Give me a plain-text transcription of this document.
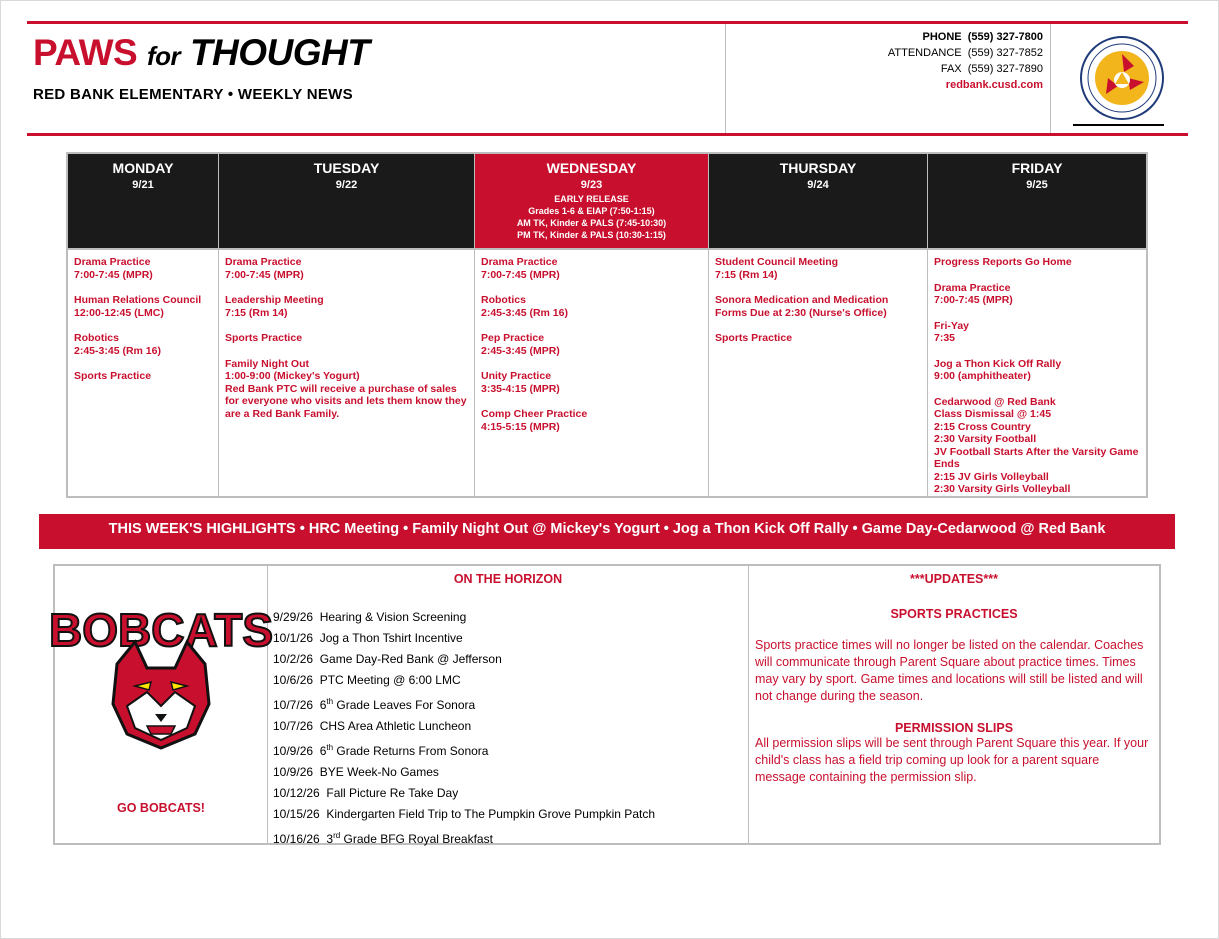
PAWS for THOUGHT
RED BANK ELEMENTARY • WEEKLY NEWS
PHONE (559) 327-7800
ATTENDANCE (559) 327-7852
FAX (559) 327-7890
redbank.cusd.com
MONDAY
9/21
Drama Practice
7:00-7:45 (MPR)
Human Relations Council
12:00-12:45 (LMC)
Robotics
2:45-3:45 (Rm 16)
Sports Practice
TUESDAY
9/22
Drama Practice
7:00-7:45 (MPR)
Leadership Meeting
7:15 (Rm 14)
Sports Practice
Family Night Out
1:00-9:00 (Mickey's Yogurt)
Red Bank PTC will receive a purchase of sales for everyone who visits and lets them know they are a Red Bank Family.
WEDNESDAY
9/23
EARLY RELEASE
Grades 1-6 & EIAP (7:50-1:15)
AM TK, Kinder & PALS (7:45-10:30)
PM TK, Kinder & PALS (10:30-1:15)
Drama Practice
7:00-7:45 (MPR)
Robotics
2:45-3:45 (Rm 16)
Pep Practice
2:45-3:45 (MPR)
Unity Practice
3:35-4:15 (MPR)
Comp Cheer Practice
4:15-5:15 (MPR)
THURSDAY
9/24
Student Council Meeting
7:15 (Rm 14)
Sonora Medication and Medication Forms Due at 2:30 (Nurse's Office)
Sports Practice
FRIDAY
9/25
Progress Reports Go Home
Drama Practice
7:00-7:45 (MPR)
Fri-Yay
7:35
Jog a Thon Kick Off Rally
9:00 (amphitheater)
Cedarwood @ Red Bank
Class Dismissal @ 1:45
2:15 Cross Country
2:30 Varsity Football
JV Football Starts After the Varsity Game Ends
2:15 JV Girls Volleyball
2:30 Varsity Girls Volleyball
THIS WEEK'S HIGHLIGHTS • HRC Meeting • Family Night Out @ Mickey's Yogurt • Jog a Thon Kick Off Rally • Game Day-Cedarwood @ Red Bank
BOBCATS
GO BOBCATS!
ON THE HORIZON
9/29/26 Hearing & Vision Screening
10/1/26 Jog a Thon Tshirt Incentive
10/2/26 Game Day-Red Bank @ Jefferson
10/6/26 PTC Meeting @ 6:00 LMC
10/7/26 6th Grade Leaves For Sonora
10/7/26 CHS Area Athletic Luncheon
10/9/26 6th Grade Returns From Sonora
10/9/26 BYE Week-No Games
10/12/26 Fall Picture Re Take Day
10/15/26 Kindergarten Field Trip to The Pumpkin Grove Pumpkin Patch
10/16/26 3rd Grade BFG Royal Breakfast
***UPDATES***
SPORTS PRACTICES
Sports practice times will no longer be listed on the calendar. Coaches will communicate through Parent Square about practice times. Times may vary by sport. Game times and locations will still be listed and will not change during the season.
PERMISSION SLIPS
All permission slips will be sent through Parent Square this year. If your child's class has a field trip coming up look for a parent square message containing the permission slip.
